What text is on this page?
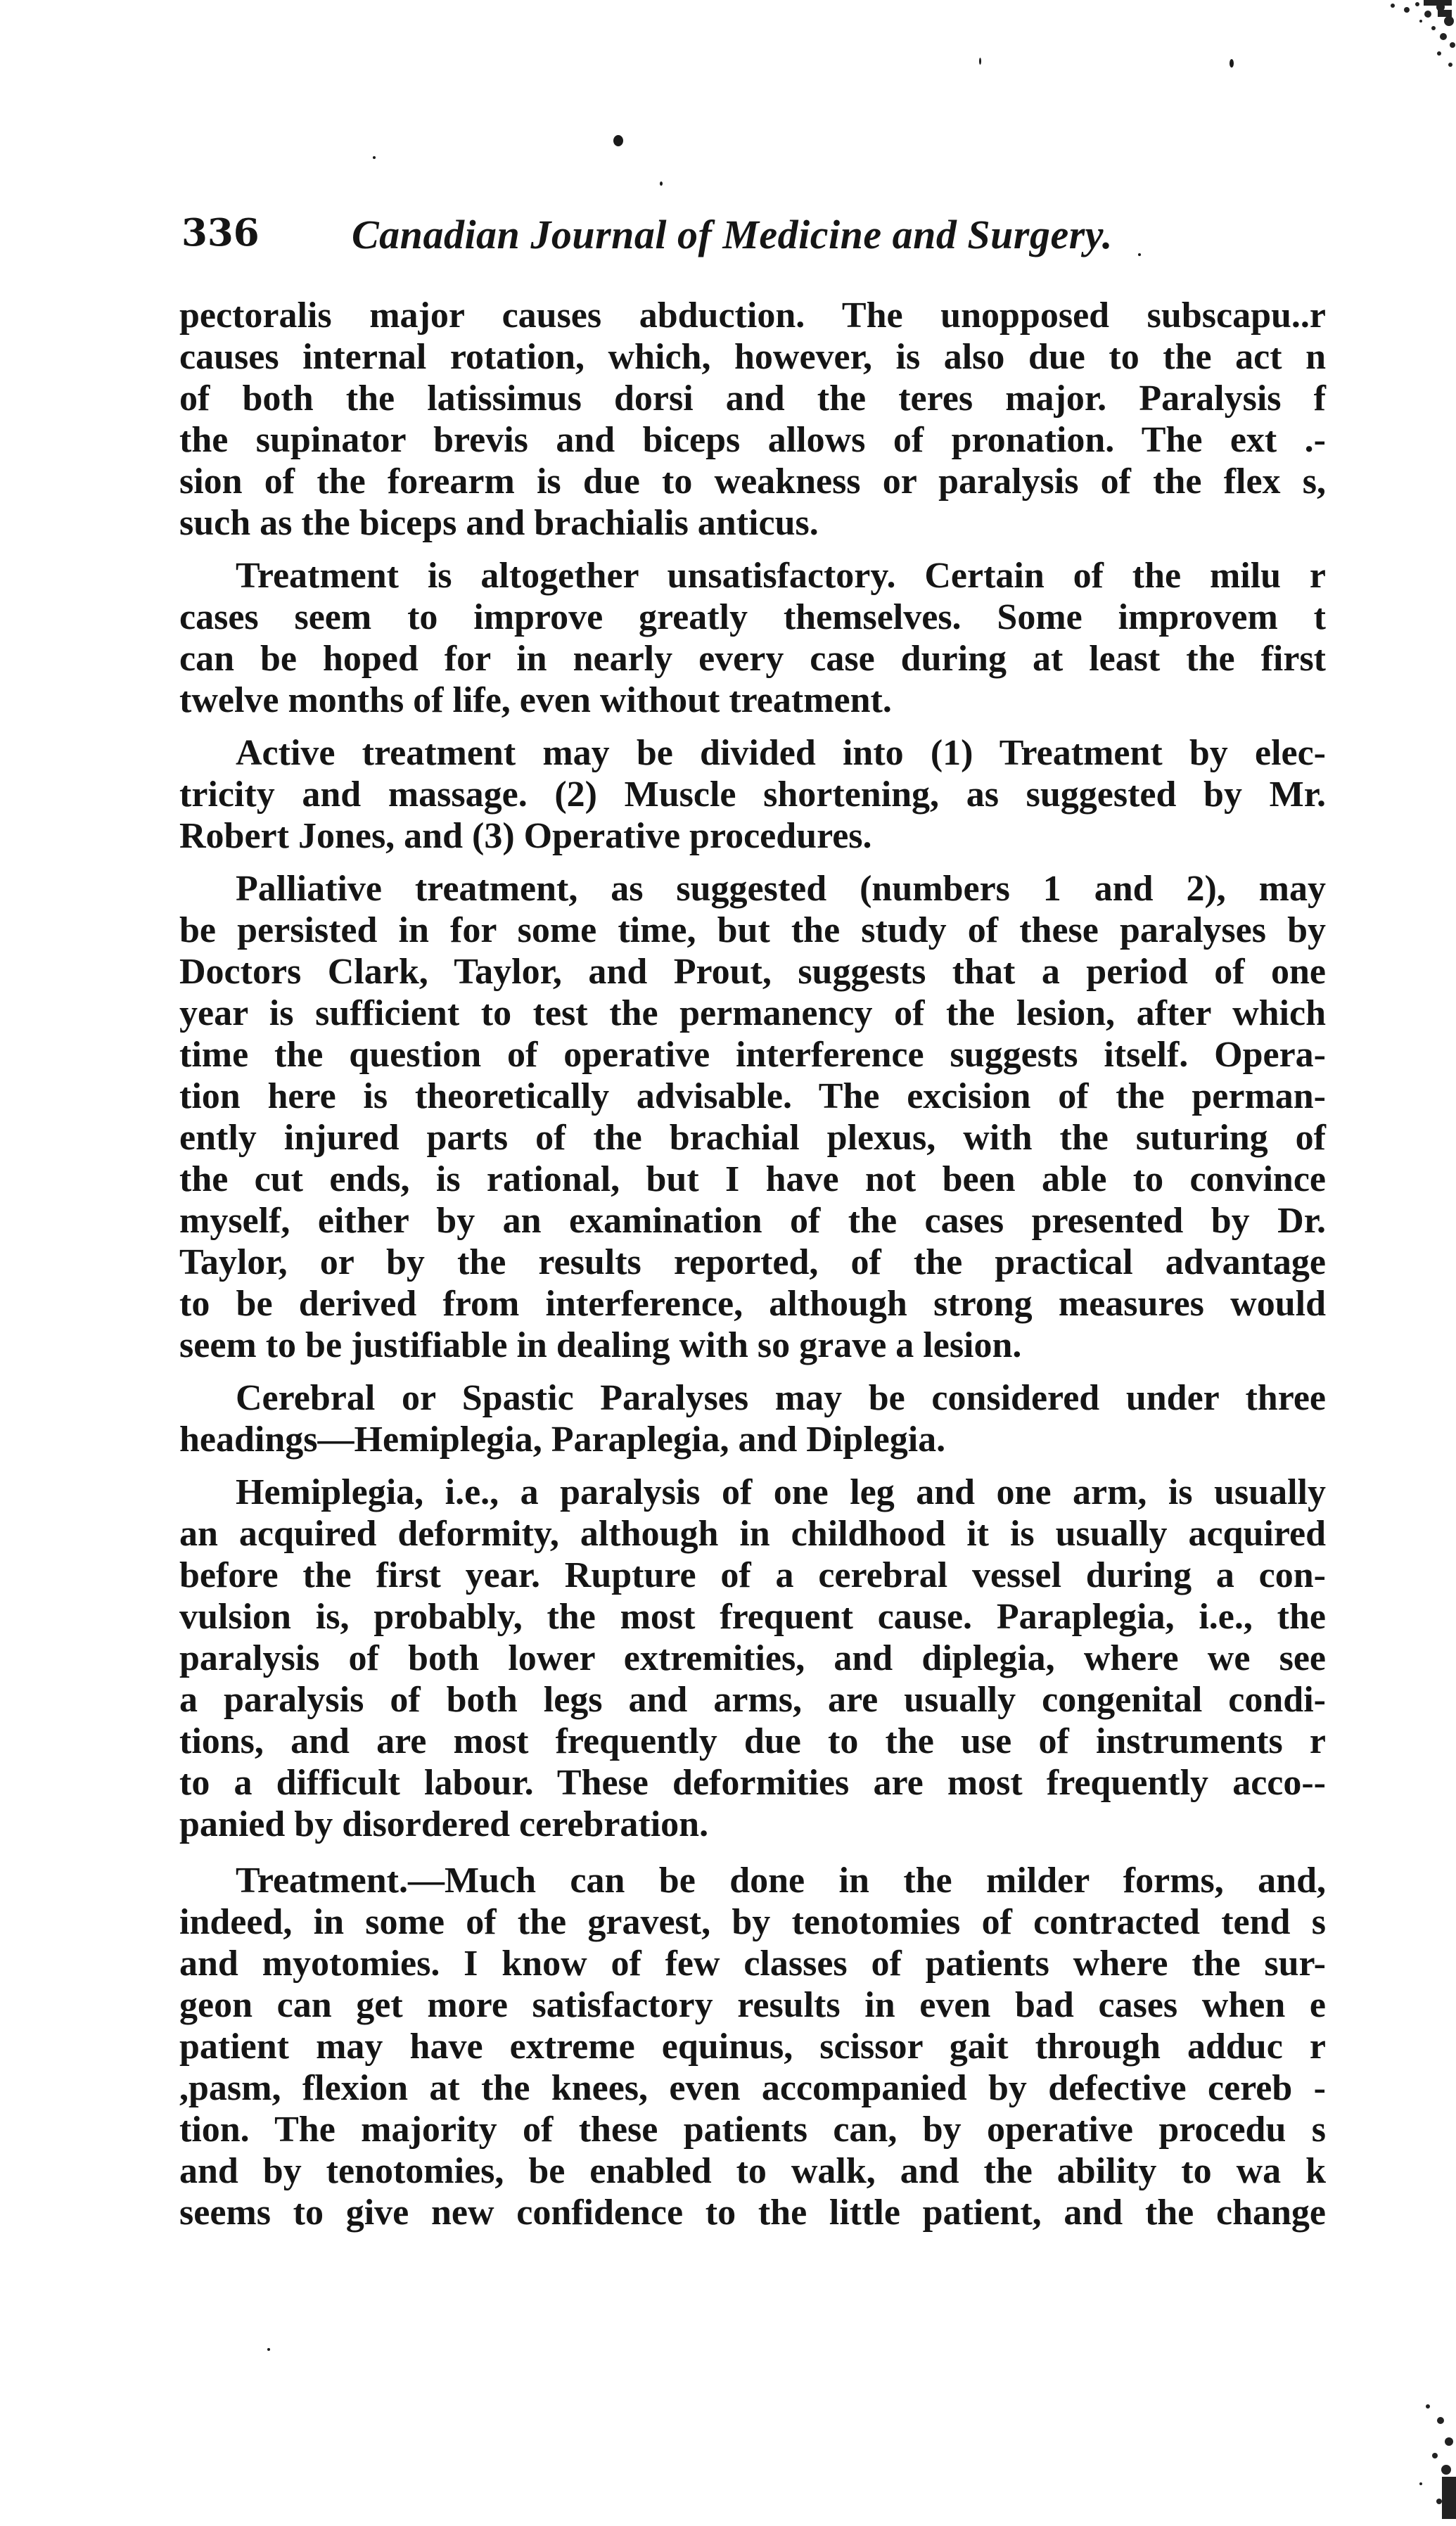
336 Canadian Journal of Medicine and Surgery.
pectoralis major causes abduction. The unopposed subscapu..r
causes internal rotation, which, however, is also due to the act n
of both the latissimus dorsi and the teres major. Paralysis f
the supinator brevis and biceps allows of pronation. The ext .-
sion of the forearm is due to weakness or paralysis of the flex s,
such as the biceps and brachialis anticus.
Treatment is altogether unsatisfactory. Certain of the milu r
cases seem to improve greatly themselves. Some improvem t
can be hoped for in nearly every case during at least the first
twelve months of life, even without treatment.
Active treatment may be divided into (1) Treatment by elec-
tricity and massage. (2) Muscle shortening, as suggested by Mr.
Robert Jones, and (3) Operative procedures.
Palliative treatment, as suggested (numbers 1 and 2), may
be persisted in for some time, but the study of these paralyses by
Doctors Clark, Taylor, and Prout, suggests that a period of one
year is sufficient to test the permanency of the lesion, after which
time the question of operative interference suggests itself. Opera-
tion here is theoretically advisable. The excision of the perman-
ently injured parts of the brachial plexus, with the suturing of
the cut ends, is rational, but I have not been able to convince
myself, either by an examination of the cases presented by Dr.
Taylor, or by the results reported, of the practical advantage
to be derived from interference, although strong measures would
seem to be justifiable in dealing with so grave a lesion.
Cerebral or Spastic Paralyses may be considered under three
headings—Hemiplegia, Paraplegia, and Diplegia.
Hemiplegia, i.e., a paralysis of one leg and one arm, is usually
an acquired deformity, although in childhood it is usually acquired
before the first year. Rupture of a cerebral vessel during a con-
vulsion is, probably, the most frequent cause. Paraplegia, i.e., the
paralysis of both lower extremities, and diplegia, where we see
a paralysis of both legs and arms, are usually congenital condi-
tions, and are most frequently due to the use of instruments r
to a difficult labour. These deformities are most frequently acco--
panied by disordered cerebration.
Treatment.—Much can be done in the milder forms, and,
indeed, in some of the gravest, by tenotomies of contracted tend s
and myotomies. I know of few classes of patients where the sur-
geon can get more satisfactory results in even bad cases when e
patient may have extreme equinus, scissor gait through adduc r
,pasm, flexion at the knees, even accompanied by defective cereb -
tion. The majority of these patients can, by operative procedu s
and by tenotomies, be enabled to walk, and the ability to wa k
seems to give new confidence to the little patient, and the change
